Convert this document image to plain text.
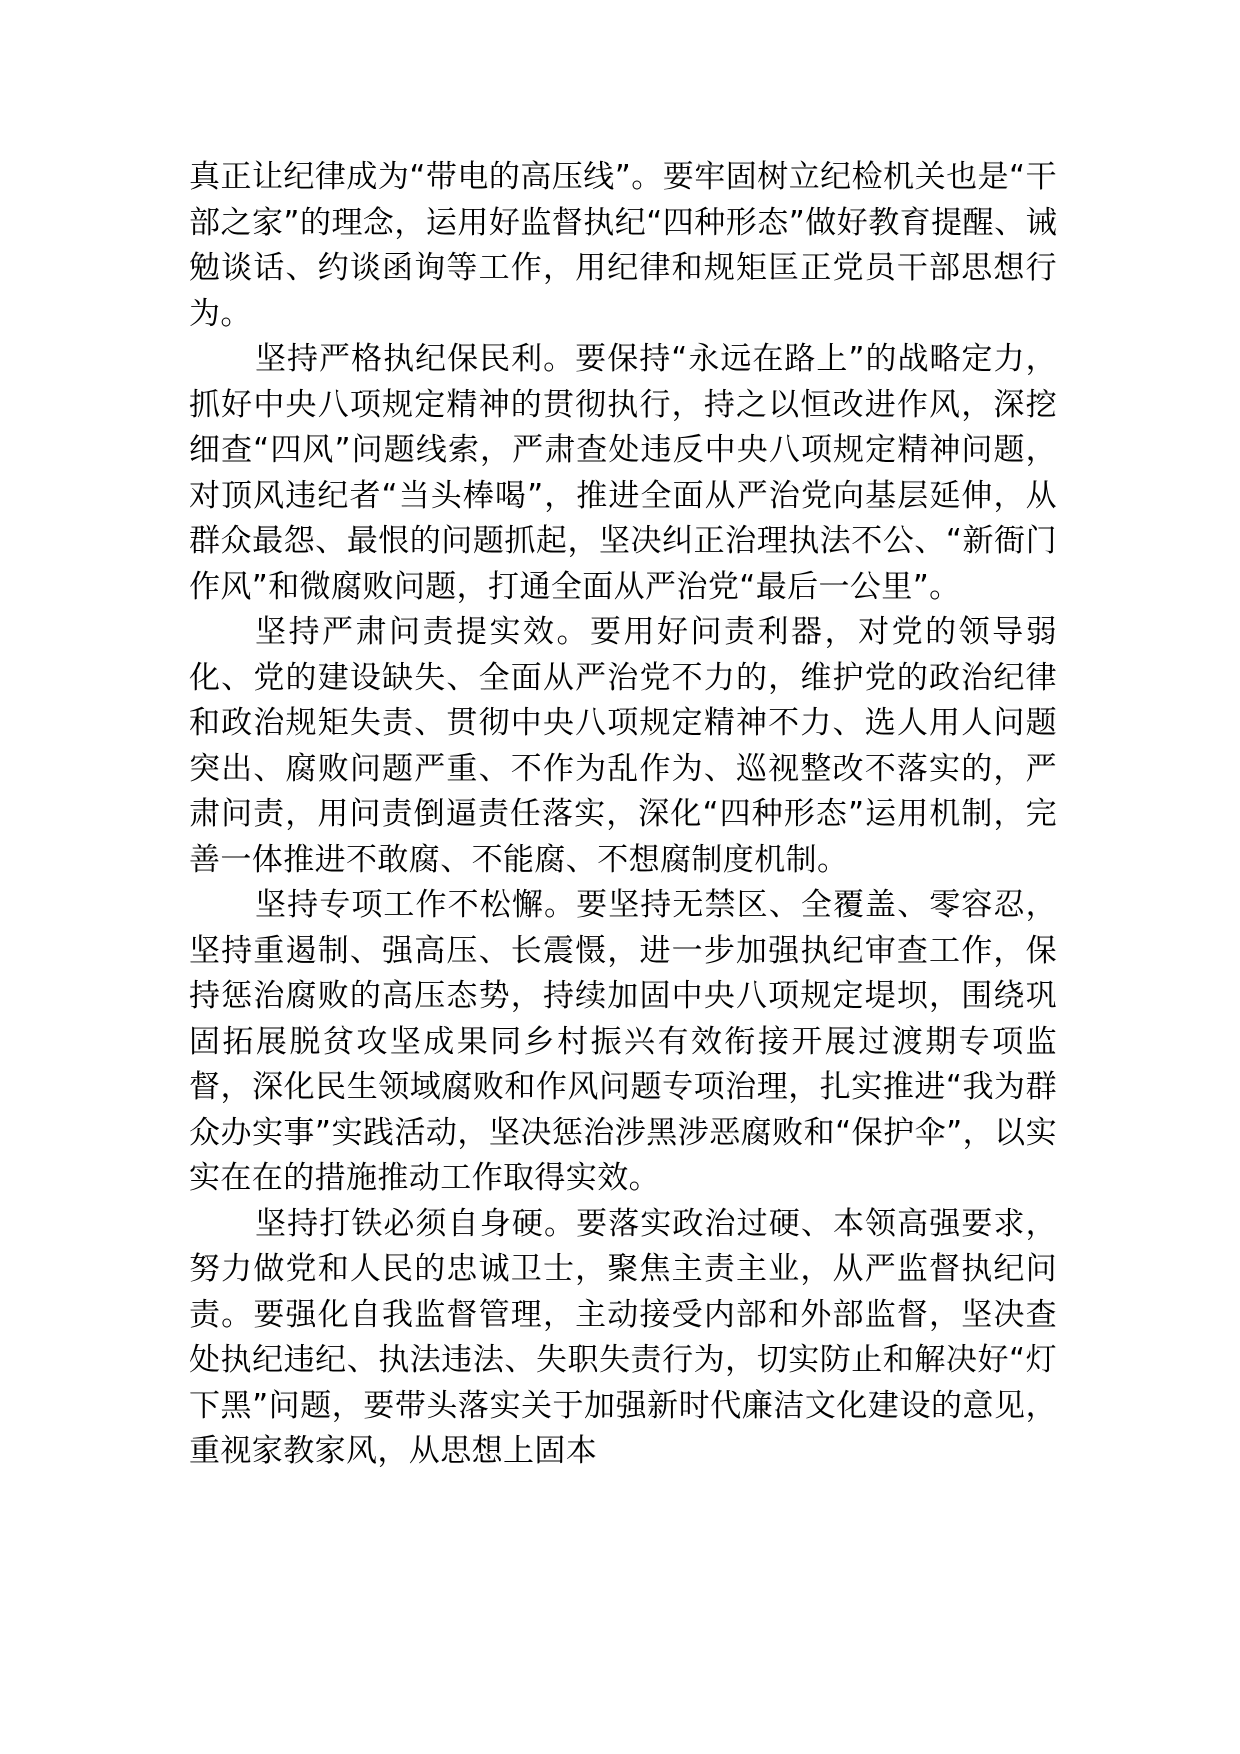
真正让纪律成为“带电的高压线”。要牢固树立纪检机关也是“干部之家”的理念，运用好监督执纪“四种形态”做好教育提醒、诫勉谈话、约谈函询等工作，用纪律和规矩匡正党员干部思想行为。

坚持严格执纪保民利。要保持“永远在路上”的战略定力，抓好中央八项规定精神的贯彻执行，持之以恒改进作风，深挖细查“四风”问题线索，严肃查处违反中央八项规定精神问题，对顶风违纪者“当头棒喝”，推进全面从严治党向基层延伸，从群众最怨、最恨的问题抓起，坚决纠正治理执法不公、“新衙门作风”和微腐败问题，打通全面从严治党“最后一公里”。

坚持严肃问责提实效。要用好问责利器，对党的领导弱化、党的建设缺失、全面从严治党不力的，维护党的政治纪律和政治规矩失责、贯彻中央八项规定精神不力、选人用人问题突出、腐败问题严重、不作为乱作为、巡视整改不落实的，严肃问责，用问责倒逼责任落实，深化“四种形态”运用机制，完善一体推进不敢腐、不能腐、不想腐制度机制。

坚持专项工作不松懈。要坚持无禁区、全覆盖、零容忍，坚持重遏制、强高压、长震慑，进一步加强执纪审查工作，保持惩治腐败的高压态势，持续加固中央八项规定堤坝，围绕巩固拓展脱贫攻坚成果同乡村振兴有效衔接开展过渡期专项监督，深化民生领域腐败和作风问题专项治理，扎实推进“我为群众办实事”实践活动，坚决惩治涉黑涉恶腐败和“保护伞”，以实实在在的措施推动工作取得实效。

坚持打铁必须自身硬。要落实政治过硬、本领高强要求，努力做党和人民的忠诚卫士，聚焦主责主业，从严监督执纪问责。要强化自我监督管理，主动接受内部和外部监督，坚决查处执纪违纪、执法违法、失职失责行为，切实防止和解决好“灯下黑”问题，要带头落实关于加强新时代廉洁文化建设的意见，重视家教家风，从思想上固本
